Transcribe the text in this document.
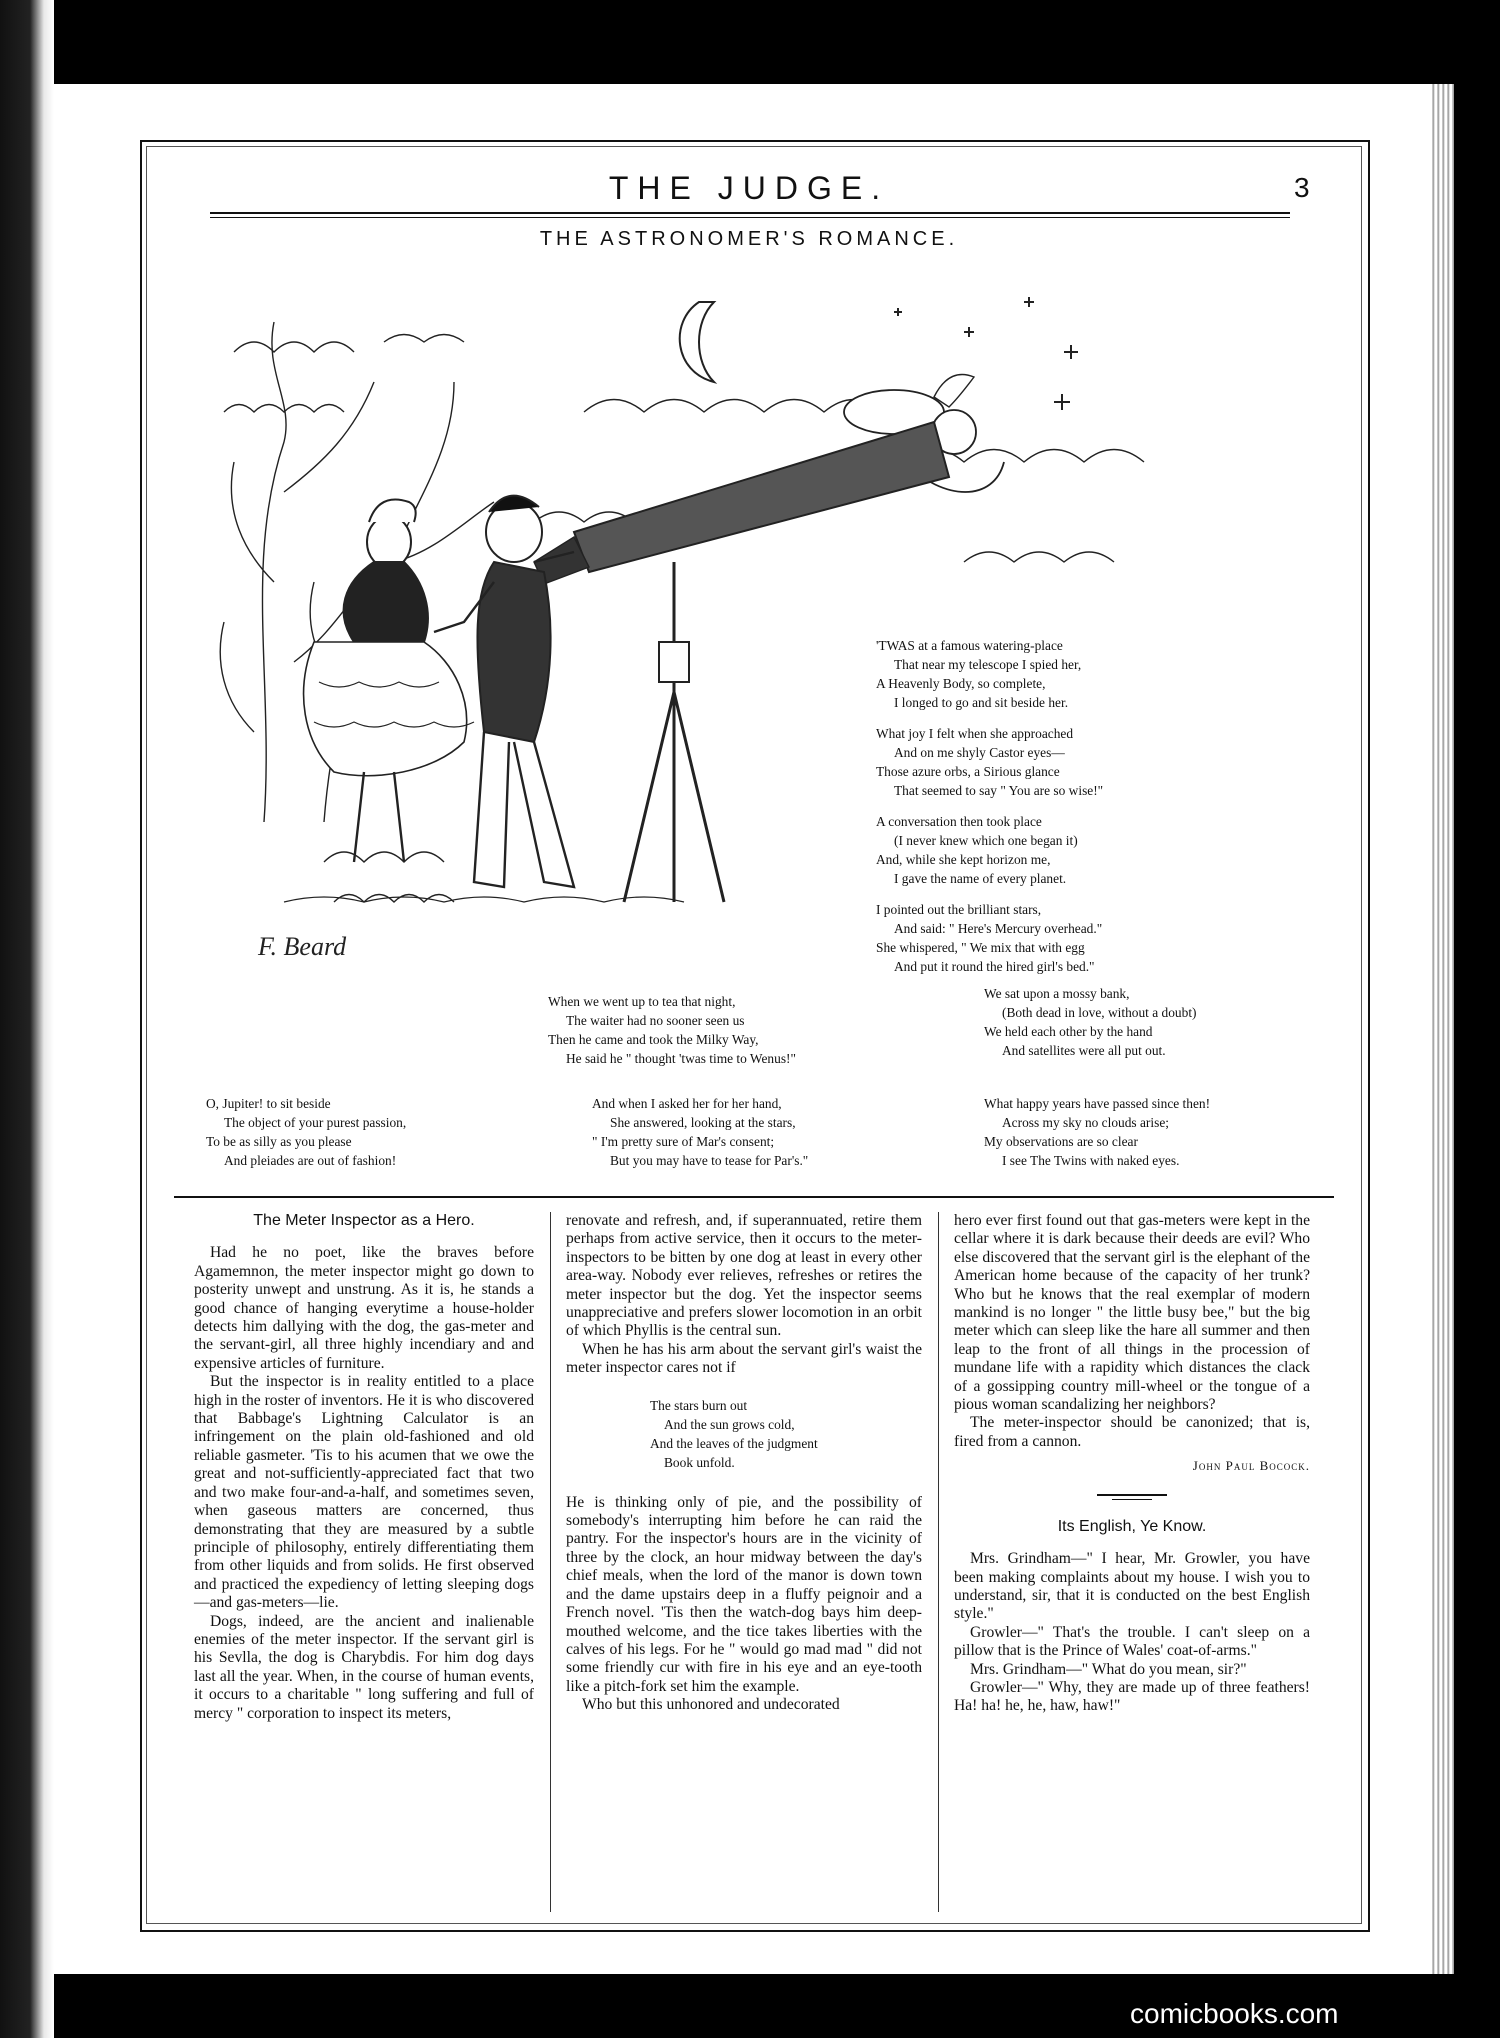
THE JUDGE.	3
THE ASTRONOMER'S ROMANCE.
F. Beard
'TWAS at a famous watering-place
That near my telescope I spied her,
A Heavenly Body, so complete,
I longed to go and sit beside her.
What joy I felt when she approached
And on me shyly Castor eyes—
Those azure orbs, a Sirious glance
That seemed to say " You are so wise!"
A conversation then took place
(I never knew which one began it)
And, while she kept horizon me,
I gave the name of every planet.
I pointed out the brilliant stars,
And said: " Here's Mercury overhead."
She whispered, " We mix that with egg
And put it round the hired girl's bed."
When we went up to tea that night,
The waiter had no sooner seen us
Then he came and took the Milky Way,
He said he " thought 'twas time to Wenus!"
We sat upon a mossy bank,
(Both dead in love, without a doubt)
We held each other by the hand
And satellites were all put out.
O, Jupiter! to sit beside
The object of your purest passion,
To be as silly as you please
And pleiades are out of fashion!
And when I asked her for her hand,
She answered, looking at the stars,
" I'm pretty sure of Mar's consent;
But you may have to tease for Par's."
What happy years have passed since then!
Across my sky no clouds arise;
My observations are so clear
I see The Twins with naked eyes.
The Meter Inspector as a Hero.

Had he no poet, like the braves before Agamemnon, the meter inspector might go down to posterity unwept and unstrung. As it is, he stands a good chance of hanging everytime a house-holder detects him dallying with the dog, the gas-meter and the servant-girl, all three highly incendiary and and expensive articles of furniture.

But the inspector is in reality entitled to a place high in the roster of inventors. He it is who discovered that Babbage's Lightning Calculator is an infringement on the plain old-fashioned and old reliable gasmeter. 'Tis to his acumen that we owe the great and not-sufficiently-appreciated fact that two and two make four-and-a-half, and sometimes seven, when gaseous matters are concerned, thus demonstrating that they are measured by a subtle principle of philosophy, entirely differentiating them from other liquids and from solids. He first observed and practiced the expediency of letting sleeping dogs—and gas-meters—lie.

Dogs, indeed, are the ancient and inalienable enemies of the meter inspector. If the servant girl is his Sevlla, the dog is Charybdis. For him dog days last all the year. When, in the course of human events, it occurs to a charitable " long suffering and full of mercy " corporation to inspect its meters,

renovate and refresh, and, if superannuated, retire them perhaps from active service, then it occurs to the meter-inspectors to be bitten by one dog at least in every other area-way. Nobody ever relieves, refreshes or retires the meter inspector but the dog. Yet the inspector seems unappreciative and prefers slower locomotion in an orbit of which Phyllis is the central sun.

When he has his arm about the servant girl's waist the meter inspector cares not if

The stars burn out
And the sun grows cold,
And the leaves of the judgment
Book unfold.

He is thinking only of pie, and the possibility of somebody's interrupting him before he can raid the pantry. For the inspector's hours are in the vicinity of three by the clock, an hour midway between the day's chief meals, when the lord of the manor is down town and the dame upstairs deep in a fluffy peignoir and a French novel. 'Tis then the watch-dog bays him deep-mouthed welcome, and the tice takes liberties with the calves of his legs. For he " would go mad mad " did not some friendly cur with fire in his eye and an eye-tooth like a pitch-fork set him the example.

Who but this unhonored and undecorated

hero ever first found out that gas-meters were kept in the cellar where it is dark because their deeds are evil? Who else discovered that the servant girl is the elephant of the American home because of the capacity of her trunk? Who but he knows that the real exemplar of modern mankind is no longer " the little busy bee," but the big meter which can sleep like the hare all summer and then leap to the front of all things in the procession of mundane life with a rapidity which distances the clack of a gossipping country mill-wheel or the tongue of a pious woman scandalizing her neighbors?

The meter-inspector should be canonized; that is, fired from a cannon.

John Paul Bocock.
Its English, Ye Know.

Mrs. Grindham—" I hear, Mr. Growler, you have been making complaints about my house. I wish you to understand, sir, that it is conducted on the best English style."

Growler—" That's the trouble. I can't sleep on a pillow that is the Prince of Wales' coat-of-arms."

Mrs. Grindham—" What do you mean, sir?"

Growler—" Why, they are made up of three feathers! Ha! ha! he, he, haw, haw!"

comicbooks.com
